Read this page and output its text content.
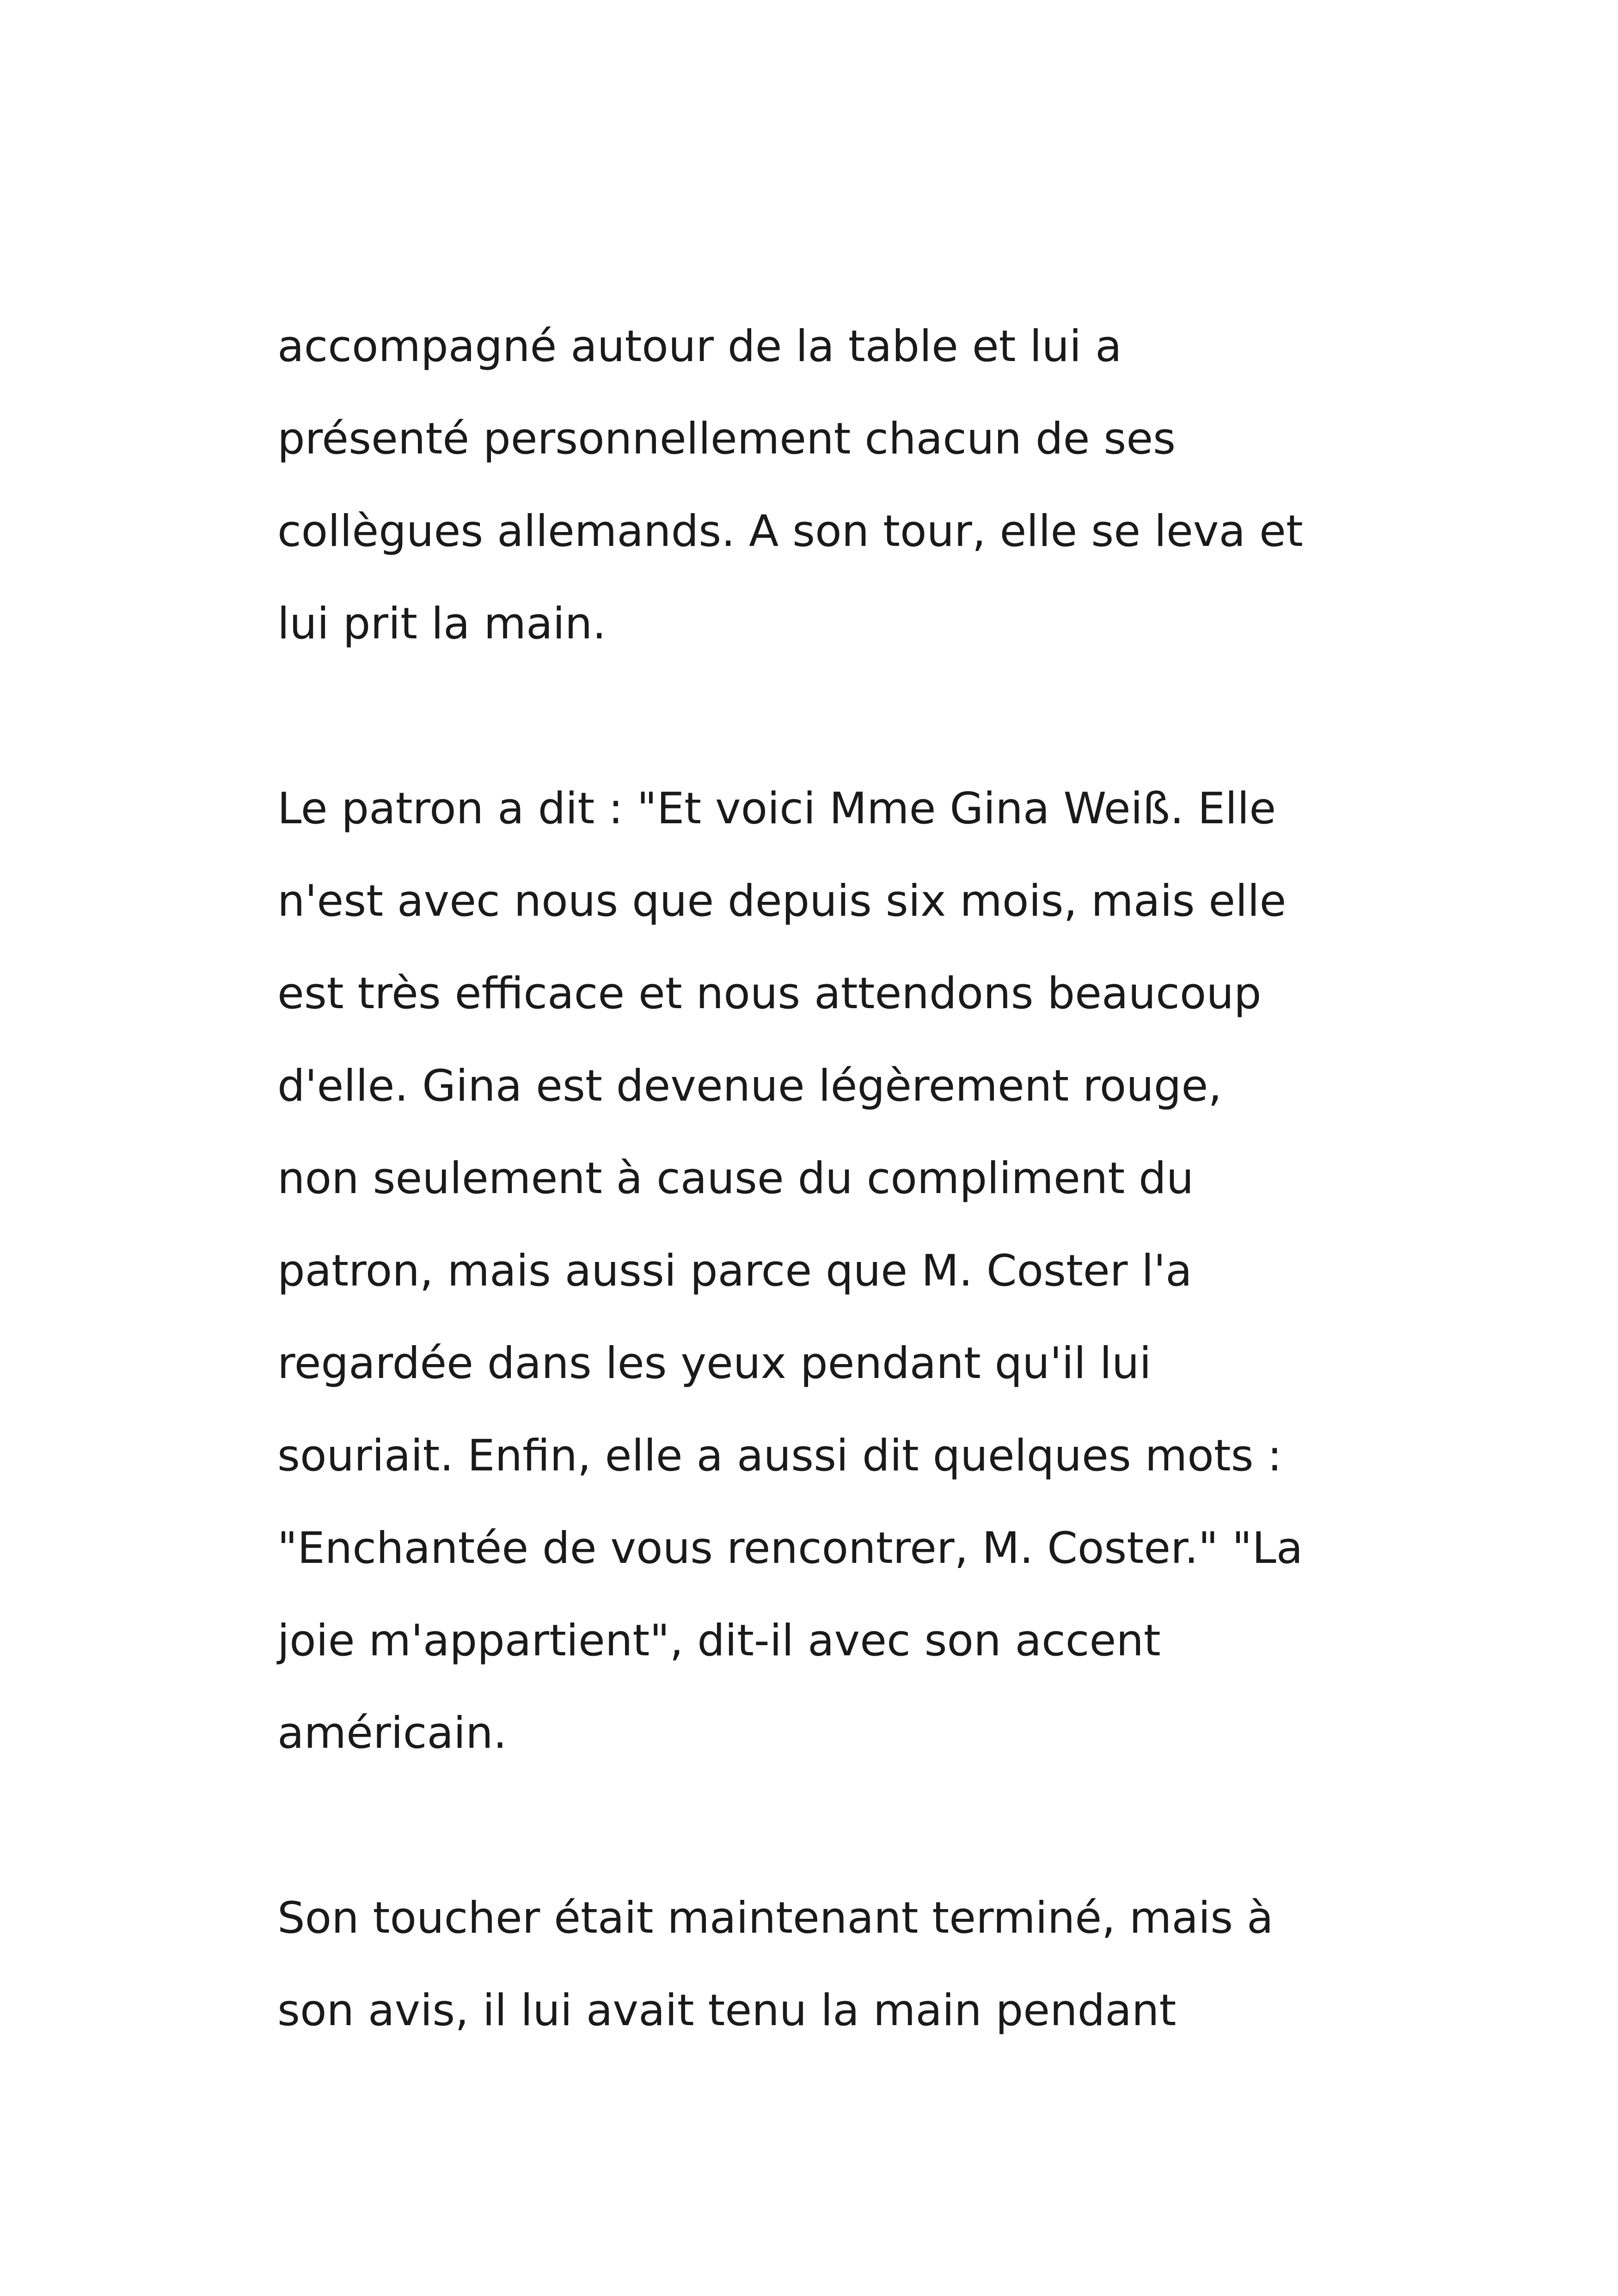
accompagné autour de la table et lui a
présenté personnellement chacun de ses
collègues allemands. A son tour, elle se leva et
lui prit la main.

Le patron a dit : "Et voici Mme Gina Weiß. Elle
n'est avec nous que depuis six mois, mais elle
est très efficace et nous attendons beaucoup
d'elle. Gina est devenue légèrement rouge,
non seulement à cause du compliment du
patron, mais aussi parce que M. Coster l'a
regardée dans les yeux pendant qu'il lui
souriait. Enfin, elle a aussi dit quelques mots :
"Enchantée de vous rencontrer, M. Coster." "La
joie m'appartient", dit-il avec son accent
américain.

Son toucher était maintenant terminé, mais à
son avis, il lui avait tenu la main pendant
